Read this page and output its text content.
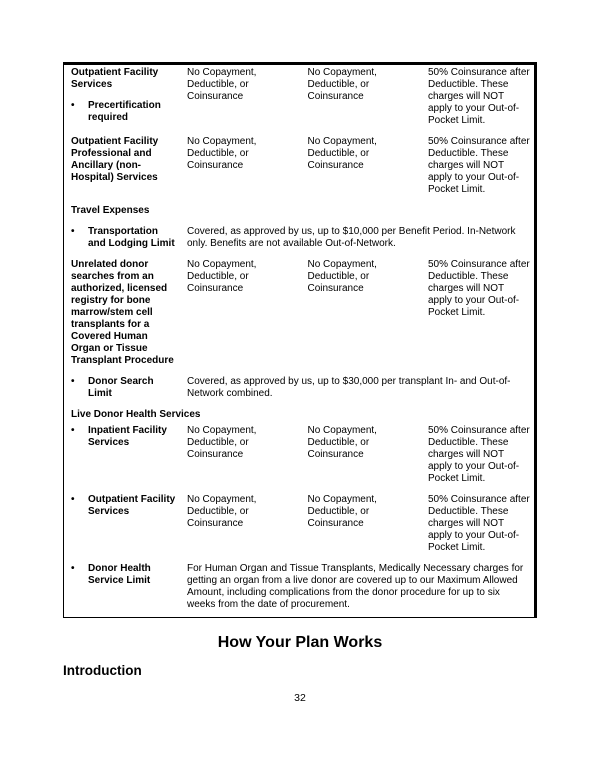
Outpatient Facility Services
• Precertification required	No Copayment, Deductible, or Coinsurance	No Copayment, Deductible, or Coinsurance	50% Coinsurance after Deductible. These charges will NOT apply to your Out-of-Pocket Limit.

Outpatient Facility Professional and Ancillary (non-Hospital) Services	No Copayment, Deductible, or Coinsurance	No Copayment, Deductible, or Coinsurance	50% Coinsurance after Deductible. These charges will NOT apply to your Out-of-Pocket Limit.
Travel Expenses			

• Transportation and Lodging Limit	Covered, as approved by us, up to $10,000 per Benefit Period. In-Network only. Benefits are not available Out-of-Network.		
Unrelated donor searches from an authorized, licensed registry for bone marrow/stem cell transplants for a Covered Human Organ or Tissue Transplant Procedure	No Copayment, Deductible, or Coinsurance	No Copayment, Deductible, or Coinsurance	50% Coinsurance after Deductible. These charges will NOT apply to your Out-of-Pocket Limit.

• Donor Search Limit	Covered, as approved by us, up to $30,000 per transplant In- and Out-of-Network combined.		
Live Donor Health Services			

• Inpatient Facility Services	No Copayment, Deductible, or Coinsurance	No Copayment, Deductible, or Coinsurance	50% Coinsurance after Deductible. These charges will NOT apply to your Out-of-Pocket Limit.

• Outpatient Facility Services	No Copayment, Deductible, or Coinsurance	No Copayment, Deductible, or Coinsurance	50% Coinsurance after Deductible. These charges will NOT apply to your Out-of-Pocket Limit.

• Donor Health Service Limit	For Human Organ and Tissue Transplants, Medically Necessary charges for getting an organ from a live donor are covered up to our Maximum Allowed Amount, including complications from the donor procedure for up to six weeks from the date of procurement.		
How Your Plan Works
Introduction
32
